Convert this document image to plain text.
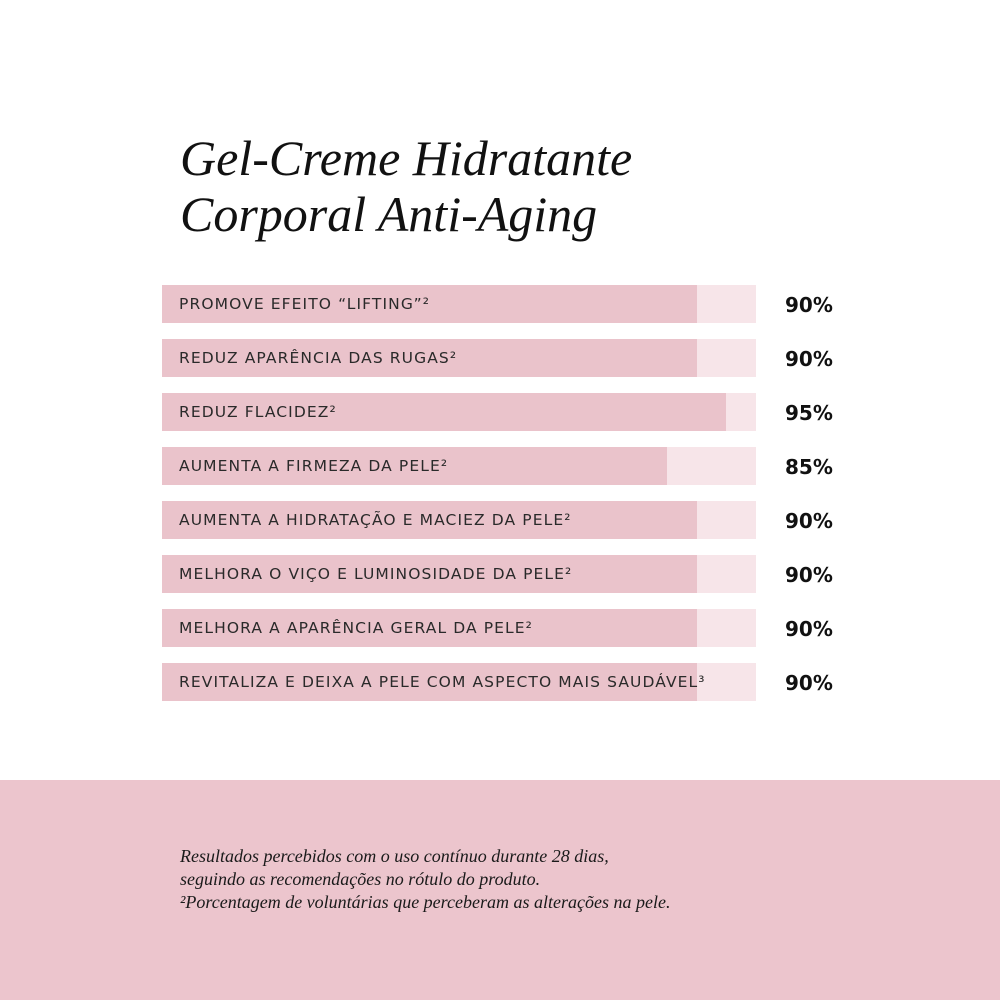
Gel-Creme Hidratante
Corporal Anti-Aging
PROMOVE EFEITO “LIFTING”²	90%
REDUZ APARÊNCIA DAS RUGAS²	90%
REDUZ FLACIDEZ²	95%
AUMENTA A FIRMEZA DA PELE²	85%
AUMENTA A HIDRATAÇÃO E MACIEZ DA PELE²	90%
MELHORA O VIÇO E LUMINOSIDADE DA PELE²	90%
MELHORA A APARÊNCIA GERAL DA PELE²	90%
REVITALIZA E DEIXA A PELE COM ASPECTO MAIS SAUDÁVEL³	90%
Resultados percebidos com o uso contínuo durante 28 dias,
seguindo as recomendações no rótulo do produto.
²Porcentagem de voluntárias que perceberam as alterações na pele.
